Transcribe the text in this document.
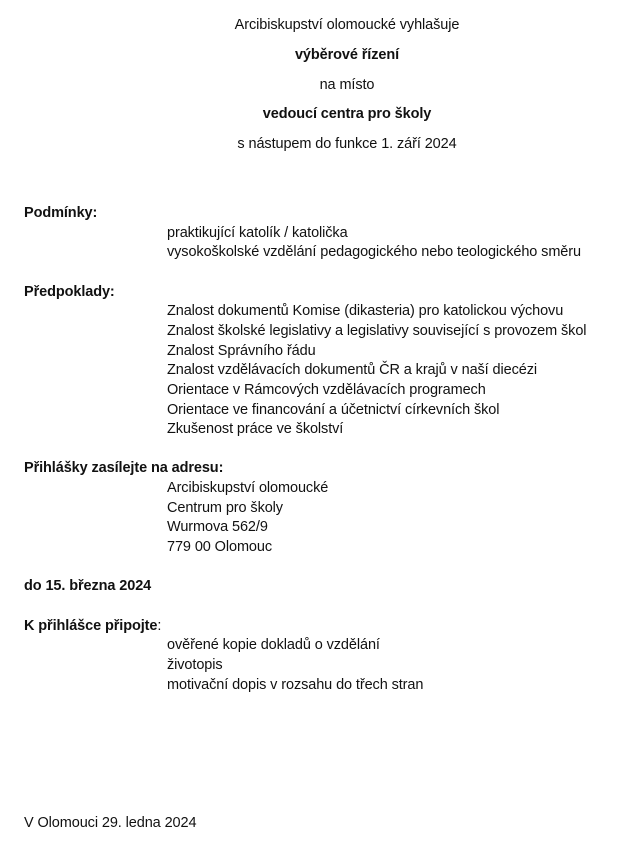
Arcibiskupství olomoucké vyhlašuje
výběrové řízení
na místo
vedoucí centra pro školy
s nástupem do funkce 1. září 2024
Podmínky:
praktikující katolík / katolička
vysokoškolské vzdělání pedagogického nebo teologického směru
Předpoklady:
Znalost dokumentů Komise (dikasteria) pro katolickou výchovu
Znalost školské legislativy a legislativy související s provozem škol
Znalost Správního řádu
Znalost vzdělávacích dokumentů ČR a krajů v naší diecézi
Orientace v Rámcových vzdělávacích programech
Orientace ve financování a účetnictví církevních škol
Zkušenost práce ve školství
Přihlášky zasílejte na adresu:
Arcibiskupství olomoucké
Centrum pro školy
Wurmova 562/9
779 00 Olomouc
do 15. března 2024
K přihlášce připojte:
ověřené kopie dokladů o vzdělání
životopis
motivační dopis v rozsahu do třech stran
V Olomouci 29. ledna 2024
